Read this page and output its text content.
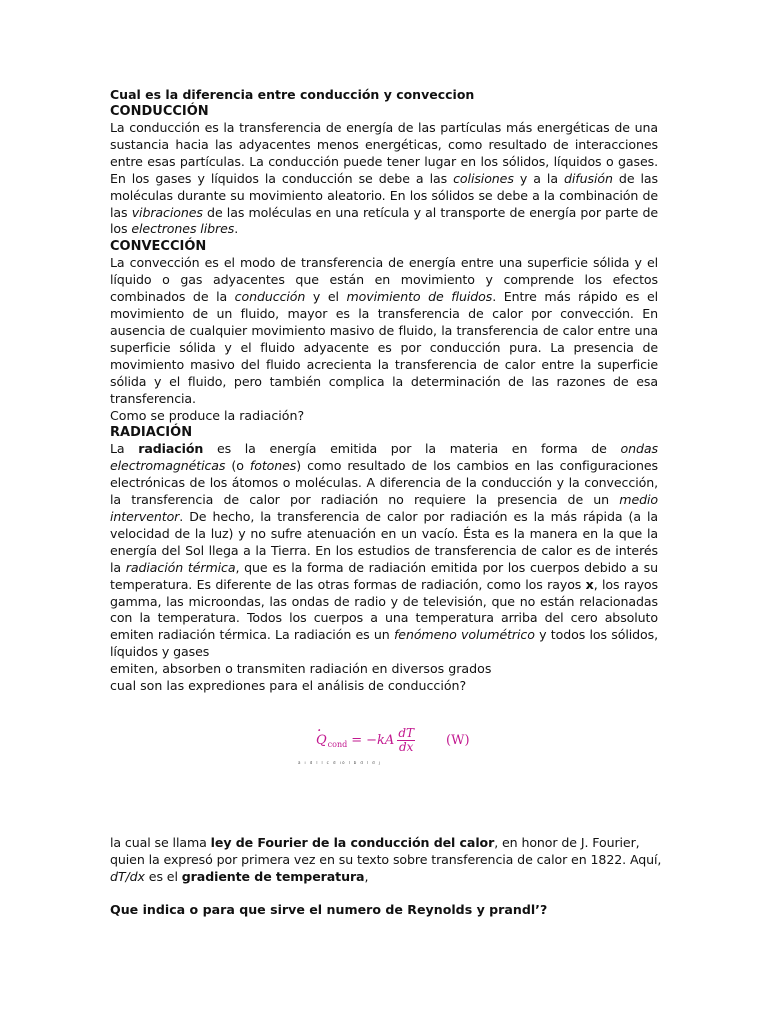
Cual es la diferencia entre conducción y conveccion

CONDUCCIÓN

La conducción es la transferencia de energía de las partículas más energéticas de una sustancia hacia las adyacentes menos energéticas, como resultado de interacciones entre esas partículas. La conducción puede tener lugar en los sólidos, líquidos o gases. En los gases y líquidos la conducción se debe a las colisiones y a la difusión de las moléculas durante su movimiento aleatorio. En los sólidos se debe a la combinación de las vibraciones de las moléculas en una retícula y al transporte de energía por parte de los electrones libres.

CONVECCIÓN

La convección es el modo de transferencia de energía entre una superficie sólida y el líquido o gas adyacentes que están en movimiento y comprende los efectos combinados de la conducción y el movimiento de fluidos. Entre más rápido es el movimiento de un fluido, mayor es la transferencia de calor por convección. En ausencia de cualquier movimiento masivo de fluido, la transferencia de calor entre una superficie sólida y el fluido adyacente es por conducción pura. La presencia de movimiento masivo del fluido acrecienta la transferencia de calor entre la superficie sólida y el fluido, pero también complica la determinación de las razones de esa transferencia.

Como se produce la radiación?

RADIACIÓN

La radiación es la energía emitida por la materia en forma de ondas electromagnéticas (o fotones) como resultado de los cambios en las configuraciones electrónicas de los átomos o moléculas. A diferencia de la conducción y la convección, la transferencia de calor por radiación no requiere la presencia de un medio interventor. De hecho, la transferencia de calor por radiación es la más rápida (a la velocidad de la luz) y no sufre atenuación en un vacío. Ésta es la manera en la que la energía del Sol llega a la Tierra. En los estudios de transferencia de calor es de interés la radiación térmica, que es la forma de radiación emitida por los cuerpos debido a su temperatura. Es diferente de las otras formas de radiación, como los rayos x, los rayos gamma, las microondas, las ondas de radio y de televisión, que no están relacionadas con la temperatura. Todos los cuerpos a una temperatura arriba del cero absoluto emiten radiación térmica. La radiación es un fenómeno volumétrico y todos los sólidos, líquidos y gases

emiten, absorben o transmiten radiación en diversos grados

cual son las exprediones para el análisis de conducción?

· Q cond = $-kA \frac{dT}{dx} (W)$
à i d l l c d ió l b d l d j

la cual se llama ley de Fourier de la conducción del calor, en honor de J. Fourier, quien la expresó por primera vez en su texto sobre transferencia de calor en 1822. Aquí, dT/dx es el gradiente de temperatura,

Que indica o para que sirve el numero de Reynolds y prandl’?
